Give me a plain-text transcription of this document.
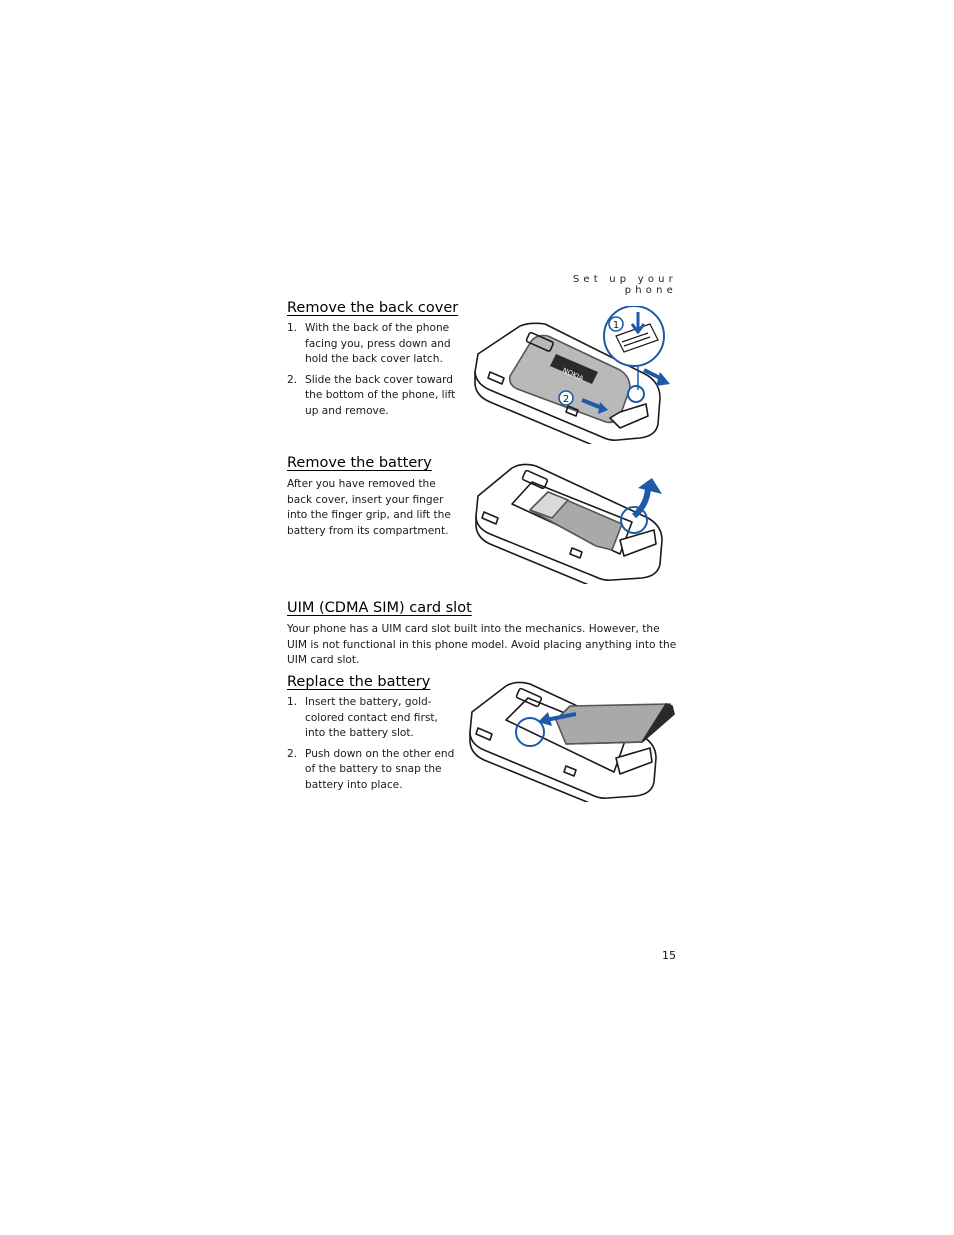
Set up your phone
Remove the back cover
1. With the back of the phone facing you, press down and hold the back cover latch.
2. Slide the back cover toward the bottom of the phone, lift up and remove.
NOKIA
1
2
Remove the battery

After you have removed the back cover, insert your finger into the finger grip, and lift the battery from its compartment.

UIM (CDMA SIM) card slot

Your phone has a UIM card slot built into the mechanics. However, the UIM is not functional in this phone model. Avoid placing anything into the UIM card slot.

Replace the battery
1. Insert the battery, gold-colored contact end first, into the battery slot.
2. Push down on the other end of the battery to snap the battery into place.
15
